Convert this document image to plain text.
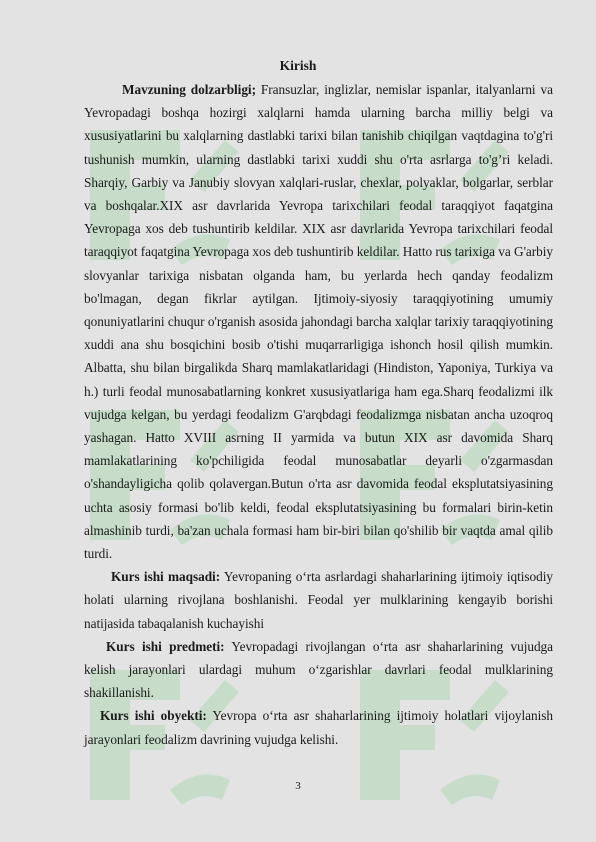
Kirish

Mavzuning dolzarbligi; Fransuzlar, inglizlar, nemislar ispanlar, italyanlarni va Yevropadagi boshqa hozirgi xalqlarni hamda ularning barcha milliy belgi va xususiyatlarini bu xalqlarning dastlabki tarixi bilan tanishib chiqilgan vaqtdagina to'g'ri tushunish mumkin, ularning dastlabki tarixi xuddi shu o'rta asrlarga to'g’ri keladi. Sharqiy, Garbiy va Janubiy slovyan xalqlari-ruslar, chexlar, polyaklar, bolgarlar, serblar va boshqalar.XIX asr davrlarida Yevropa tarixchilari feodal taraqqiyot faqatgina Yevropaga xos deb tushuntirib keldilar. XIX asr davrlarida Yevropa tarixchilari feodal taraqqiyot faqatgina Yevropaga xos deb tushuntirib keldilar. Hatto rus tarixiga va G'arbiy slovyanlar tarixiga nisbatan olganda ham, bu yerlarda hech qanday feodalizm bo'lmagan, degan fikrlar aytilgan. Ijtimoiy-siyosiy taraqqiyotining umumiy qonuniyatlarini chuqur o'rganish asosida jahondagi barcha xalqlar tarixiy taraqqiyotining xuddi ana shu bosqichini bosib o'tishi muqarrarligiga ishonch hosil qilish mumkin. Albatta, shu bilan birgalikda Sharq mamlakatlaridagi (Hindiston, Yaponiya, Turkiya va h.) turli feodal munosabatlarning konkret xususiyatlariga ham ega.Sharq feodalizmi ilk vujudga kelgan, bu yerdagi feodalizm G'arqbdagi feodalizmga nisbatan ancha uzoqroq yashagan. Hatto XVIII asrning II yarmida va butun XIX asr davomida Sharq mamlakatlarining ko'pchiligida feodal munosabatlar deyarli o'zgarmasdan o'shandayligicha qolib qolavergan.Butun o'rta asr davomida feodal eksplutatsiyasining uchta asosiy formasi bo'lib keldi, feodal eksplutatsiyasining bu formalari birin-ketin almashinib turdi, ba'zan uchala formasi ham bir-biri bilan qo'shilib bir vaqtda amal qilib turdi.

Kurs ishi maqsadi: Yevropaning o‘rta asrlardagi shaharlarining ijtimoiy iqtisodiy holati ularning rivojlana boshlanishi. Feodal yer mulklarining kengayib borishi natijasida tabaqalanish kuchayishi

Kurs ishi predmeti: Yevropadagi rivojlangan o‘rta asr shaharlarining vujudga kelish jarayonlari ulardagi muhum o‘zgarishlar davrlari feodal mulklarining shakillanishi.

Kurs ishi obyekti: Yevropa o‘rta asr shaharlarining ijtimoiy holatlari vijoylanish jarayonlari feodalizm davrining vujudga kelishi.

3
